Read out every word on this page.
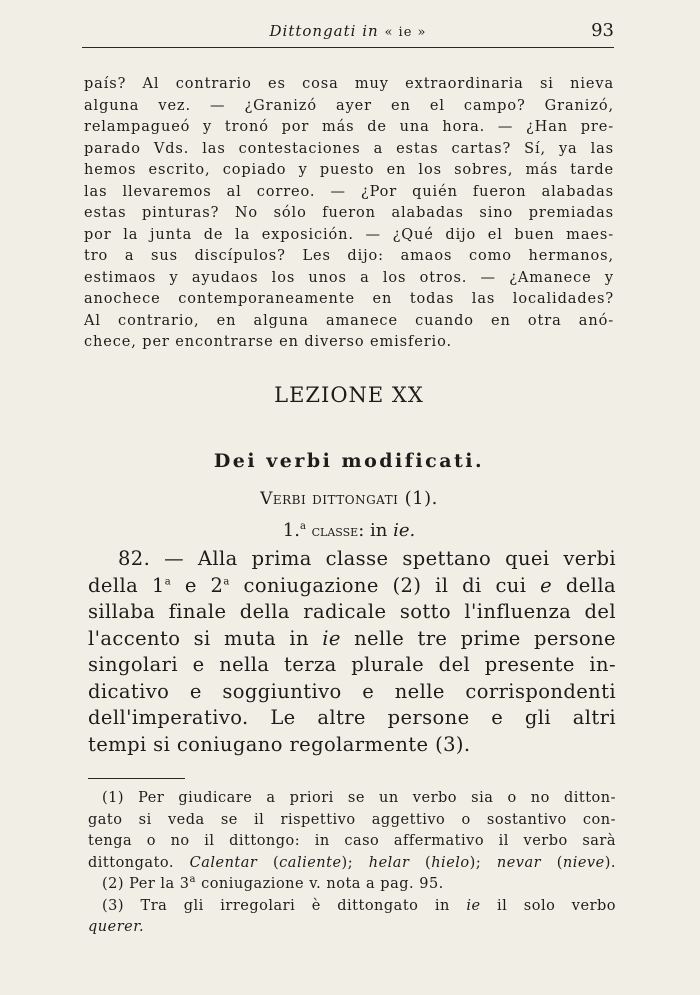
Dittongati in « ie »	93
país? Al contrario es cosa muy extraordinaria si nieva
alguna vez. — ¿Granizó ayer en el campo? Granizó,
relampagueó y tronó por más de una hora. — ¿Han pre-
parado Vds. las contestaciones a estas cartas? Sí, ya las
hemos escrito, copiado y puesto en los sobres, más tarde
las llevaremos al correo. — ¿Por quién fueron alabadas
estas pinturas? No sólo fueron alabadas sino premiadas
por la junta de la exposición. — ¿Qué dijo el buen maes-
tro a sus discípulos? Les dijo: amaos como hermanos,
estimaos y ayudaos los unos a los otros. — ¿Amanece y
anochece contemporaneamente en todas las localidades?
Al contrario, en alguna amanece cuando en otra anó-
chece, per encontrarse en diverso emisferio.
LEZIONE XX
Dei verbi modificati.
Verbi dittongati (1).
1.$^a$ classe: in ie.
82. — Alla prima classe spettano quei verbi
della 1$^a$ e 2$^a$ coniugazione (2) il di cui e della
sillaba finale della radicale sotto l'influenza del
l'accento si muta in ie nelle tre prime persone
singolari e nella terza plurale del presente in-
dicativo e soggiuntivo e nelle corrispondenti
dell'imperativo. Le altre persone e gli altri
tempi si coniugano regolarmente (3).
(1) Per giudicare a priori se un verbo sia o no ditton-
gato si veda se il rispettivo aggettivo o sostantivo con-
tenga o no il dittongo: in caso affermativo il verbo sarà
dittongato. Calentar (caliente); helar (hielo); nevar (nieve).
(2) Per la 3$^a$ coniugazione v. nota a pag. 95.
(3) Tra gli irregolari è dittongato in ie il solo verbo
querer.
